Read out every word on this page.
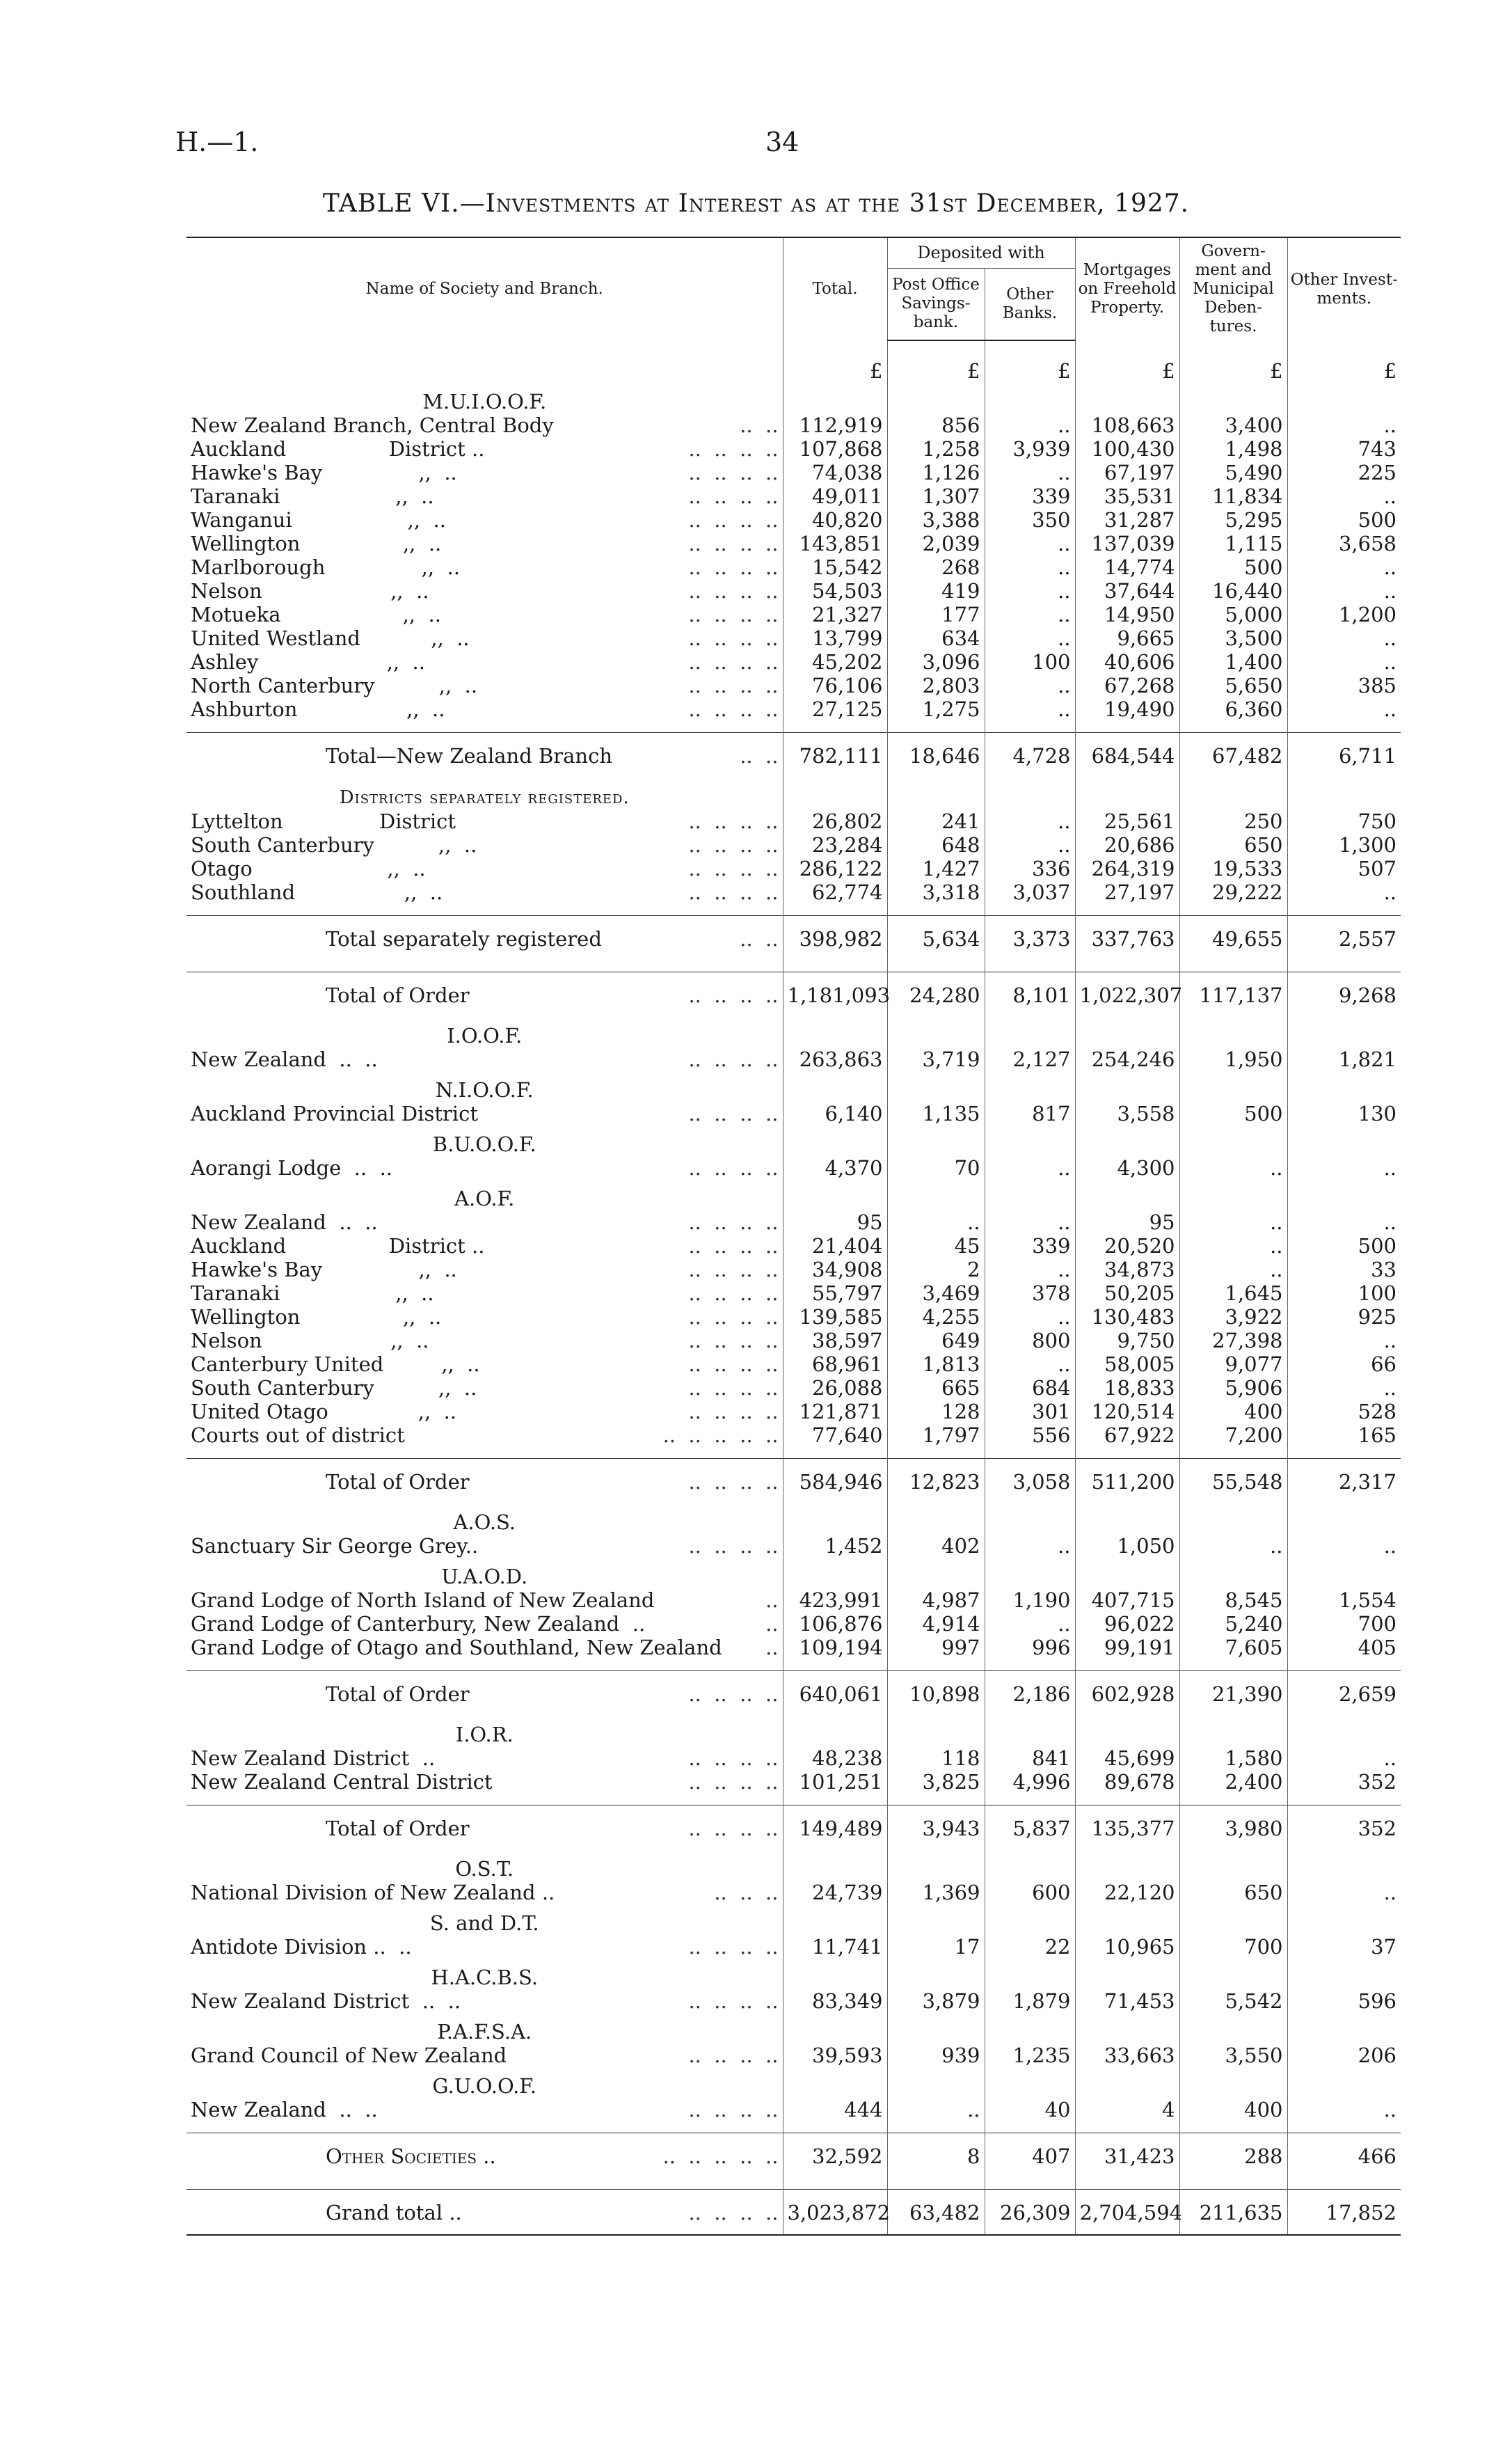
H.—1.	34
TABLE VI.—Investments at Interest as at the 31st December, 1927.
Name of Society and Branch.	Total.	Deposited with		Mortgages on Freehold Property.	Govern-ment and Municipal Deben-tures.	Other Invest-ments.
		Post Office Savings-bank.	Other Banks.			
	£	£	£	£	£	£
M.U.I.O.O.F.						
New Zealand Branch, Central Body ..  ..	112,919	856	..	108,663	3,400	..
Auckland                District .. ..  ..  ..  ..	107,868	1,258	3,939	100,430	1,498	743
Hawke's Bay               ,,  .. ..  ..  ..  ..	74,038	1,126	..	67,197	5,490	225
Taranaki                  ,,  .. ..  ..  ..  ..	49,011	1,307	339	35,531	11,834	..
Wanganui                  ,,  .. ..  ..  ..  ..	40,820	3,388	350	31,287	5,295	500
Wellington                ,,  .. ..  ..  ..  ..	143,851	2,039	..	137,039	1,115	3,658
Marlborough               ,,  .. ..  ..  ..  ..	15,542	268	..	14,774	500	..
Nelson                    ,,  .. ..  ..  ..  ..	54,503	419	..	37,644	16,440	..
Motueka                   ,,  .. ..  ..  ..  ..	21,327	177	..	14,950	5,000	1,200
United Westland           ,,  .. ..  ..  ..  ..	13,799	634	..	9,665	3,500	..
Ashley                    ,,  .. ..  ..  ..  ..	45,202	3,096	100	40,606	1,400	..
North Canterbury          ,,  .. ..  ..  ..  ..	76,106	2,803	..	67,268	5,650	385
Ashburton                 ,,  .. ..  ..  ..  ..	27,125	1,275	..	19,490	6,360	..

Total—New Zealand Branch ..  ..	782,111	18,646	4,728	684,544	67,482	6,711
Districts separately registered.						
Lyttelton               District ..  ..  ..  ..	26,802	241	..	25,561	250	750
South Canterbury          ,,  .. ..  ..  ..  ..	23,284	648	..	20,686	650	1,300
Otago                     ,,  .. ..  ..  ..  ..	286,122	1,427	336	264,319	19,533	507
Southland                 ,,  .. ..  ..  ..  ..	62,774	3,318	3,037	27,197	29,222	..

Total separately registered ..  ..	398,982	5,634	3,373	337,763	49,655	2,557

Total of Order ..  ..  ..  ..	1,181,093	24,280	8,101	1,022,307	117,137	9,268
I.O.O.F.						
New Zealand  ..  .. ..  ..  ..  ..	263,863	3,719	2,127	254,246	1,950	1,821
N.I.O.O.F.						
Auckland Provincial District ..  ..  ..  ..	6,140	1,135	817	3,558	500	130
B.U.O.O.F.						
Aorangi Lodge  ..  .. ..  ..  ..  ..	4,370	70	..	4,300	..	..
A.O.F.						
New Zealand  ..  .. ..  ..  ..  ..	95	..	..	95	..	..
Auckland                District .. ..  ..  ..  ..	21,404	45	339	20,520	..	500
Hawke's Bay               ,,  .. ..  ..  ..  ..	34,908	2	..	34,873	..	33
Taranaki                  ,,  .. ..  ..  ..  ..	55,797	3,469	378	50,205	1,645	100
Wellington                ,,  .. ..  ..  ..  ..	139,585	4,255	..	130,483	3,922	925
Nelson                    ,,  .. ..  ..  ..  ..	38,597	649	800	9,750	27,398	..
Canterbury United         ,,  .. ..  ..  ..  ..	68,961	1,813	..	58,005	9,077	66
South Canterbury          ,,  .. ..  ..  ..  ..	26,088	665	684	18,833	5,906	..
United Otago              ,,  .. ..  ..  ..  ..	121,871	128	301	120,514	400	528
Courts out of district ..  ..  ..  ..  ..	77,640	1,797	556	67,922	7,200	165

Total of Order ..  ..  ..  ..	584,946	12,823	3,058	511,200	55,548	2,317
A.O.S.						
Sanctuary Sir George Grey.. ..  ..  ..  ..	1,452	402	..	1,050	..	..
U.A.O.D.						
Grand Lodge of North Island of New Zealand ..	423,991	4,987	1,190	407,715	8,545	1,554
Grand Lodge of Canterbury, New Zealand  .. ..	106,876	4,914	..	96,022	5,240	700
Grand Lodge of Otago and Southland, New Zealand ..	109,194	997	996	99,191	7,605	405

Total of Order ..  ..  ..  ..	640,061	10,898	2,186	602,928	21,390	2,659
I.O.R.						
New Zealand District  .. ..  ..  ..  ..	48,238	118	841	45,699	1,580	..
New Zealand Central District ..  ..  ..  ..	101,251	3,825	4,996	89,678	2,400	352

Total of Order ..  ..  ..  ..	149,489	3,943	5,837	135,377	3,980	352
O.S.T.						
National Division of New Zealand .. ..  ..  ..	24,739	1,369	600	22,120	650	..
S. and D.T.						
Antidote Division ..  .. ..  ..  ..  ..	11,741	17	22	10,965	700	37
H.A.C.B.S.						
New Zealand District  ..  .. ..  ..  ..  ..	83,349	3,879	1,879	71,453	5,542	596
P.A.F.S.A.						
Grand Council of New Zealand ..  ..  ..  ..	39,593	939	1,235	33,663	3,550	206
G.U.O.O.F.						
New Zealand  ..  .. ..  ..  ..  ..	444	..	40	4	400	..

Other Societies .. ..  ..  ..  ..  ..	32,592	8	407	31,423	288	466

Grand total .. ..  ..  ..  ..	3,023,872	63,482	26,309	2,704,594	211,635	17,852
